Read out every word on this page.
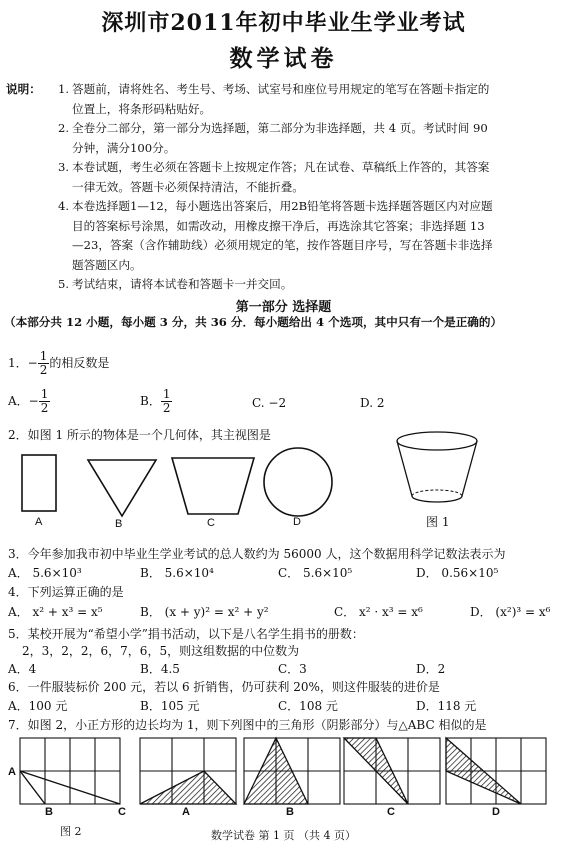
深圳市2011年初中毕业生学业考试
数学试卷
说明：	1. 答题前，请将姓名、考生号、考场、试室号和座位号用规定的笔写在答题卡指定的
位置上，将条形码粘贴好。
2. 全卷分二部分，第一部分为选择题，第二部分为非选择题，共 4 页。考试时间 90
分钟，满分100分。
3. 本卷试题，考生必须在答题卡上按规定作答；凡在试卷、草稿纸上作答的，其答案
一律无效。答题卡必须保持清洁，不能折叠。
4. 本卷选择题1—12，每小题选出答案后，用2B铅笔将答题卡选择题答题区内对应题
目的答案标号涂黑，如需改动，用橡皮擦干净后，再选涂其它答案；非选择题 13
—23，答案（含作辅助线）必须用规定的笔，按作答题目序号，写在答题卡非选择
题答题区内。
5. 考试结束，请将本试卷和答题卡一并交回。
第一部分 选择题
（本部分共 12 小题，每小题 3 分，共 36 分．每小题给出 4 个选项，其中只有一个是正确的）
1．− $\frac{1}{2}$ 的相反数是
A．− $\frac{1}{2}$	B． $\frac{1}{2}$	C. −2	D. 2
2．如图 1 所示的物体是一个几何体，其主视图是
A	B	C	D	图 1
3．今年参加我市初中毕业生学业考试的总人数约为 56000 人，这个数据用科学记数法表示为
A． 5.6×10³	B． 5.6×10⁴	C． 5.6×10⁵	D． 0.56×10⁵
4．下列运算正确的是
A． x² + x³ = x⁵	B． (x + y)² = x² + y²	C． x² · x³ = x⁶	D． (x²)³ = x⁶
5．某校开展为“希望小学”捐书活动，以下是八名学生捐书的册数：
2，3，2，2，6，7，6，5，则这组数据的中位数为
A．4	B．4.5	C．3	D．2
6．一件服装标价 200 元，若以 6 折销售，仍可获利 20%，则这件服装的进价是
A．100 元	B．105 元	C．108 元	D．118 元
7．如图 2，小正方形的边长均为 1，则下列图中的三角形（阴影部分）与△ABC 相似的是
A
B	C	A	B	C	D
图 2	数学试卷 第 1 页 （共 4 页）
